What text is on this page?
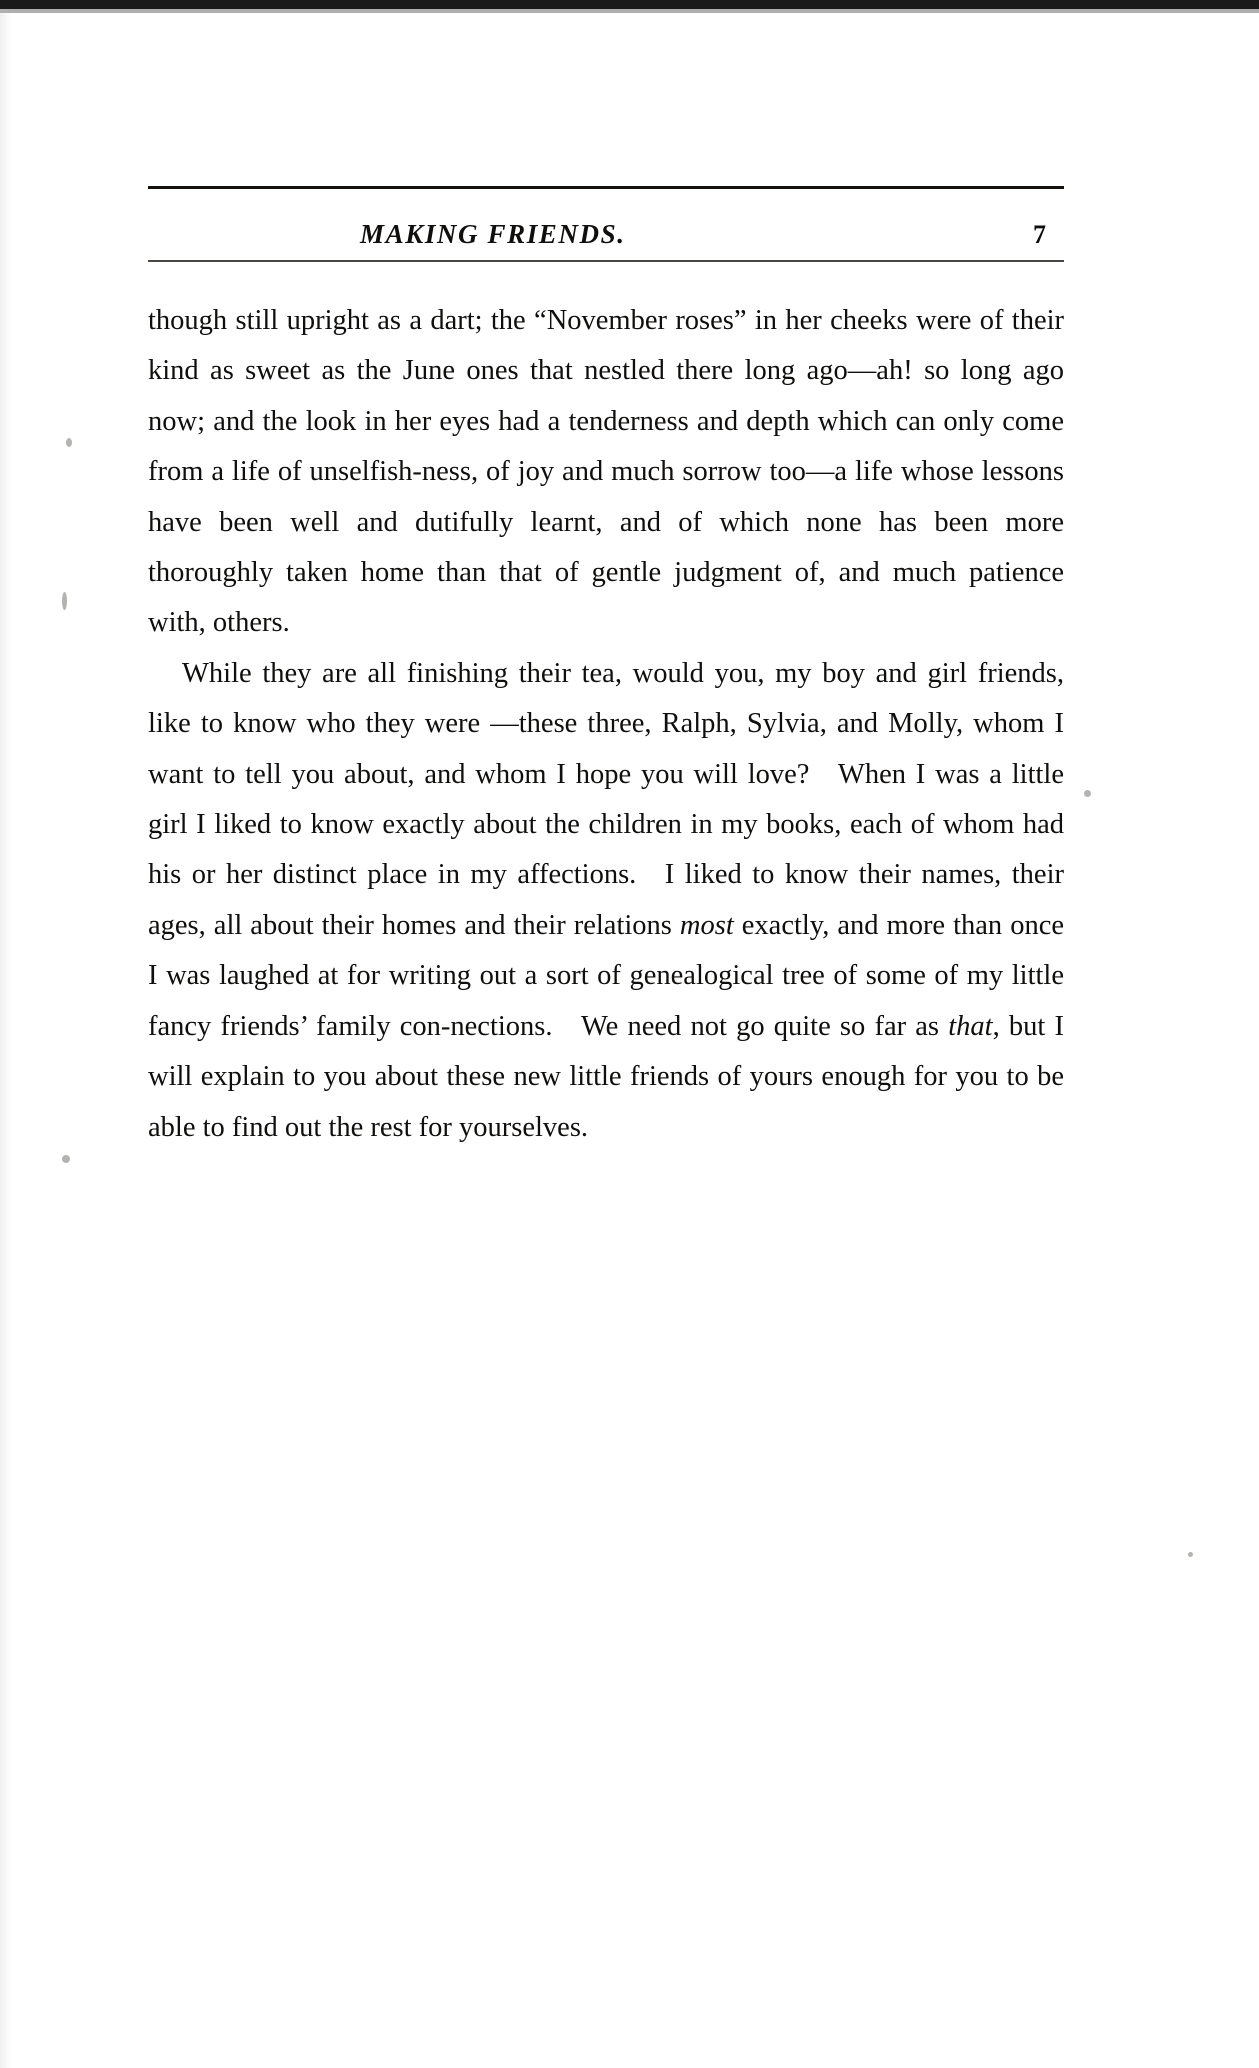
MAKING FRIENDS.	7

though still upright as a dart; the “November roses” in her cheeks were of their kind as sweet as the June ones that nestled there long ago—ah! so long ago now; and the look in her eyes had a tenderness and depth which can only come from a life of unselfish-ness, of joy and much sorrow too—a life whose lessons have been well and dutifully learnt, and of which none has been more thoroughly taken home than that of gentle judgment of, and much patience with, others.

While they are all finishing their tea, would you, my boy and girl friends, like to know who they were —these three, Ralph, Sylvia, and Molly, whom I want to tell you about, and whom I hope you will love? When I was a little girl I liked to know exactly about the children in my books, each of whom had his or her distinct place in my affections. I liked to know their names, their ages, all about their homes and their relations most exactly, and more than once I was laughed at for writing out a sort of genealogical tree of some of my little fancy friends’ family con-nections. We need not go quite so far as that, but I will explain to you about these new little friends of yours enough for you to be able to find out the rest for yourselves.
